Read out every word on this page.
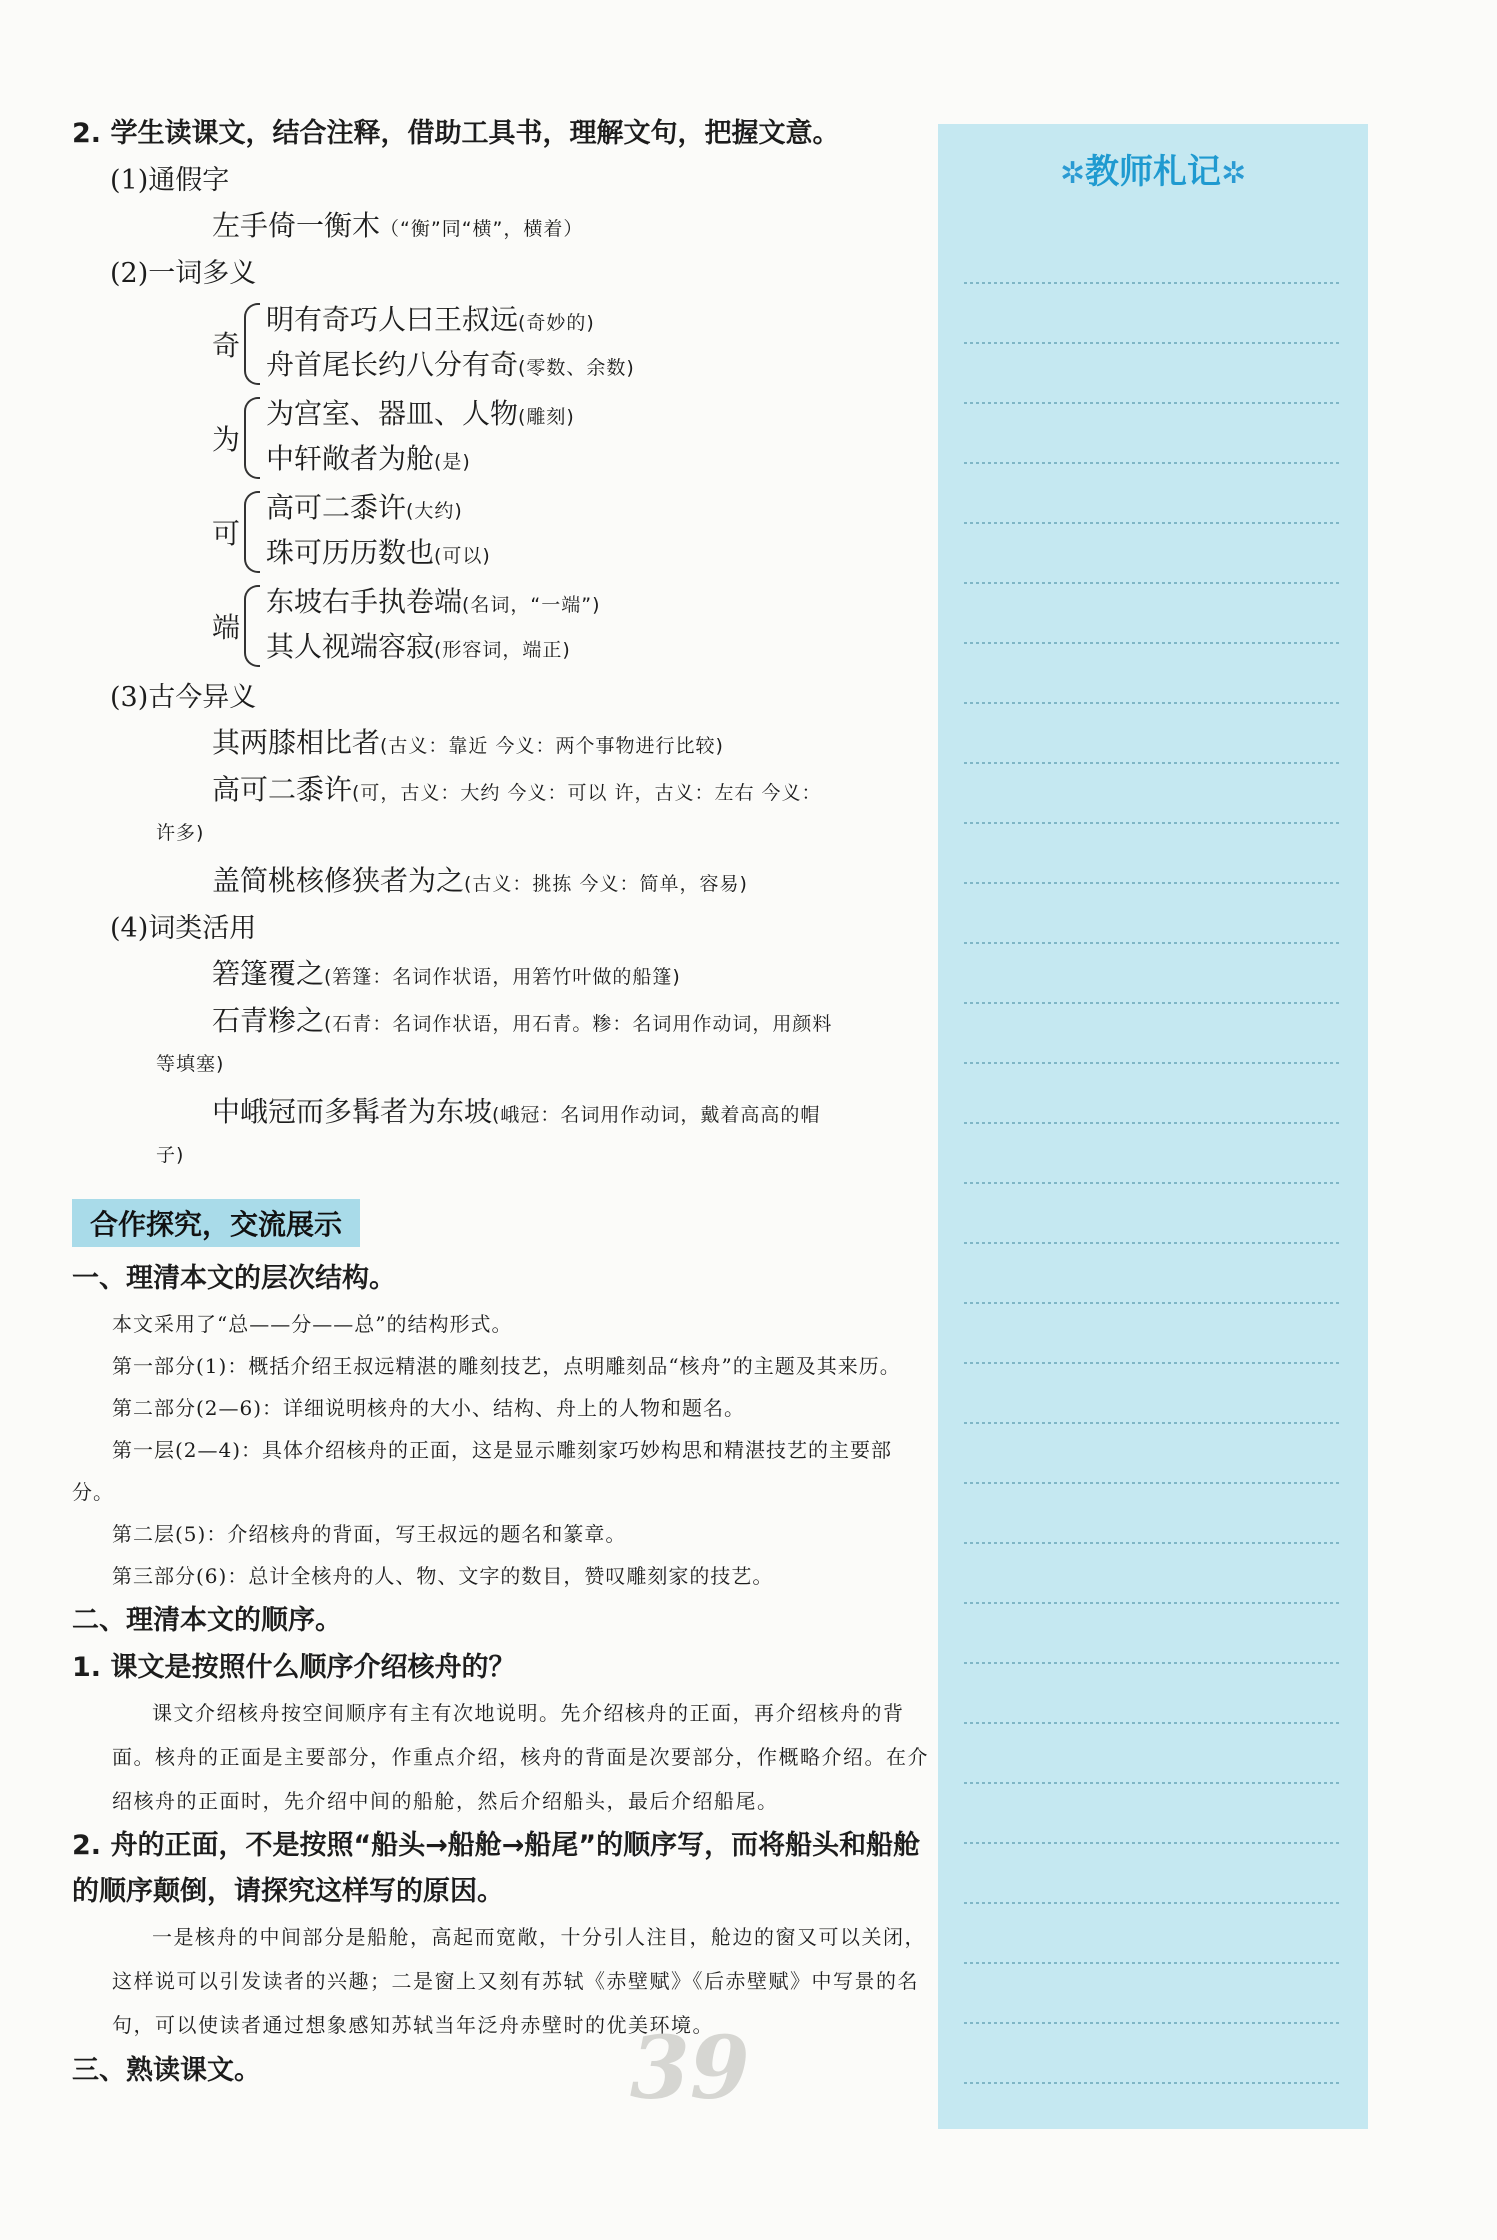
2. 学生读课文，结合注释，借助工具书，理解文句，把握文意。
(1)通假字
左手倚一衡木（“衡”同“横”，横着）
(2)一词多义
奇
明有奇巧人曰王叔远(奇妙的)
舟首尾长约八分有奇(零数、余数)
为
为宫室、器皿、人物(雕刻)
中轩敞者为舱(是)
可
高可二黍许(大约)
珠可历历数也(可以)
端
东坡右手执卷端(名词，“一端”)
其人视端容寂(形容词，端正)
(3)古今异义
其两膝相比者(古义：靠近 今义：两个事物进行比较)
高可二黍许(可，古义：大约 今义：可以 许，古义：左右 今义：
许多)
盖简桃核修狭者为之(古义：挑拣 今义：简单，容易)
(4)词类活用
箬篷覆之(箬篷：名词作状语，用箬竹叶做的船篷)
石青糁之(石青：名词作状语，用石青。糁：名词用作动词，用颜料
等填塞)
中峨冠而多髯者为东坡(峨冠：名词用作动词，戴着高高的帽
子)
合作探究，交流展示
一、理清本文的层次结构。
本文采用了“总——分——总”的结构形式。
第一部分(1)：概括介绍王叔远精湛的雕刻技艺，点明雕刻品“核舟”的主题及其来历。
第二部分(2—6)：详细说明核舟的大小、结构、舟上的人物和题名。
第一层(2—4)：具体介绍核舟的正面，这是显示雕刻家巧妙构思和精湛技艺的主要部分。
第二层(5)：介绍核舟的背面，写王叔远的题名和篆章。
第三部分(6)：总计全核舟的人、物、文字的数目，赞叹雕刻家的技艺。
二、理清本文的顺序。
1. 课文是按照什么顺序介绍核舟的？
课文介绍核舟按空间顺序有主有次地说明。先介绍核舟的正面，再介绍核舟的背面。核舟的正面是主要部分，作重点介绍，核舟的背面是次要部分，作概略介绍。在介绍核舟的正面时，先介绍中间的船舱，然后介绍船头，最后介绍船尾。
2. 舟的正面，不是按照“船头→船舱→船尾”的顺序写，而将船头和船舱的顺序颠倒，请探究这样写的原因。
一是核舟的中间部分是船舱，高起而宽敞，十分引人注目，舱边的窗又可以关闭，这样说可以引发读者的兴趣；二是窗上又刻有苏轼《赤壁赋》《后赤壁赋》中写景的名句，可以使读者通过想象感知苏轼当年泛舟赤壁时的优美环境。
三、熟读课文。
✲教师札记✲
39
